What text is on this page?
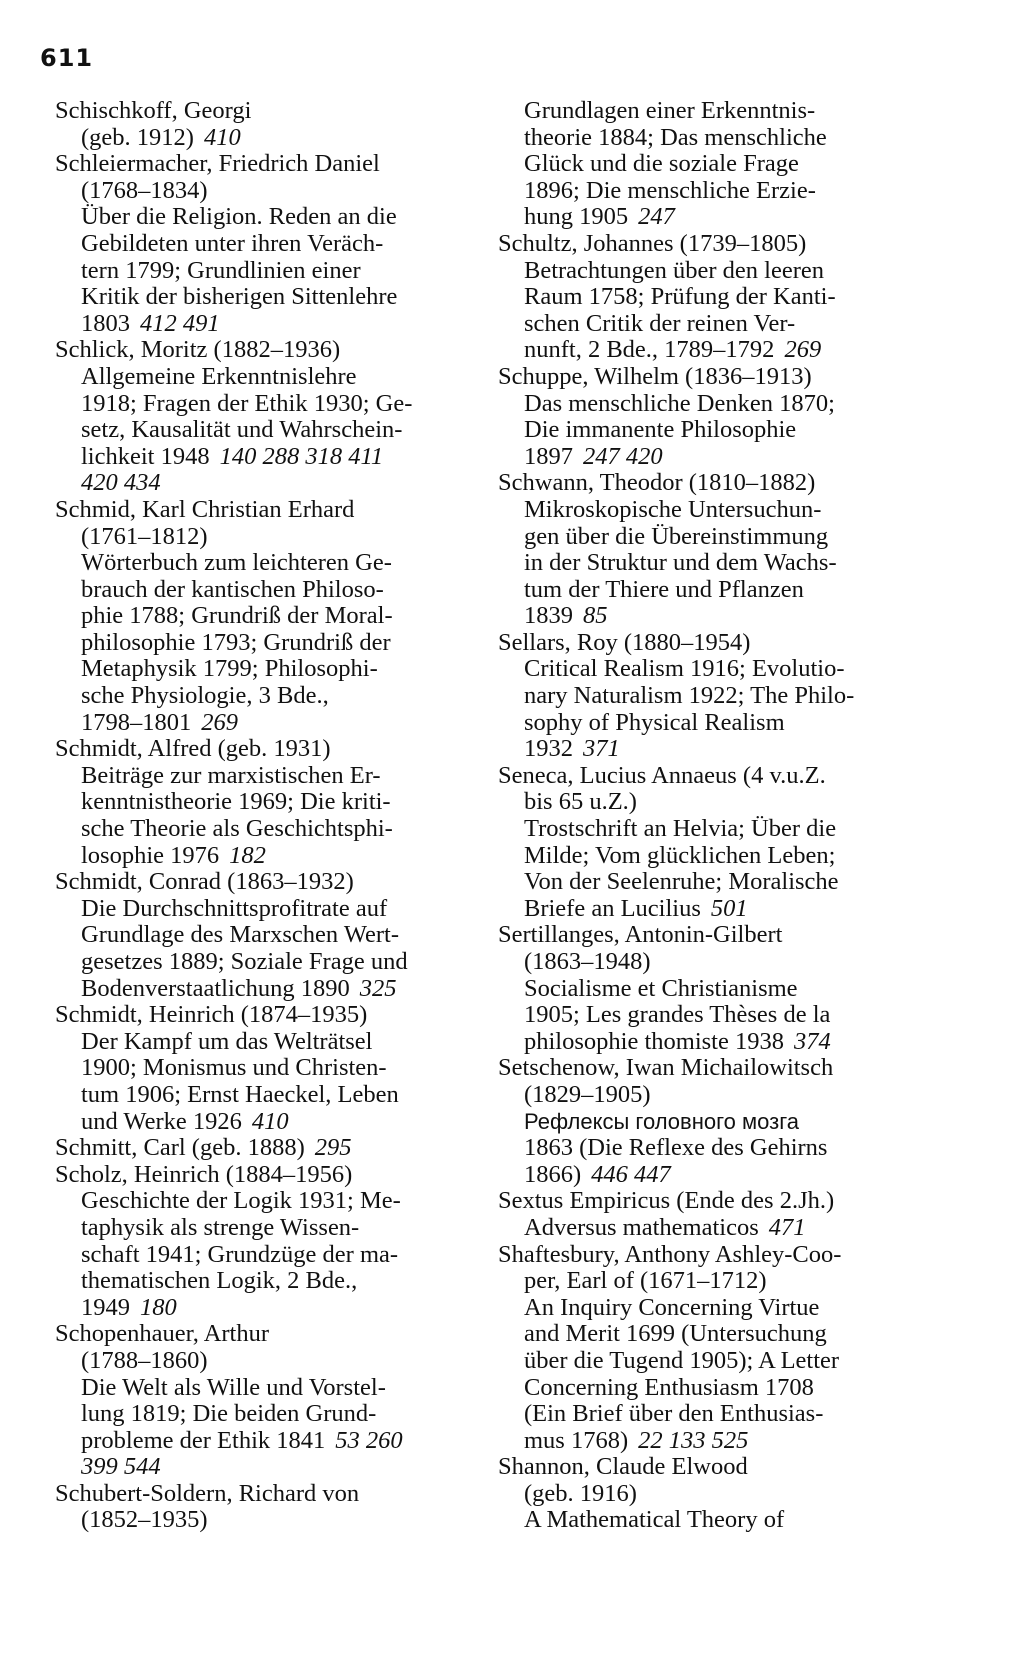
611
Schischkoff, Georgi
(geb. 1912) 410
Schleiermacher, Friedrich Daniel
(1768–1834)
Über die Religion. Reden an die
Gebildeten unter ihren Veräch-
tern 1799; Grundlinien einer
Kritik der bisherigen Sittenlehre
1803 412 491
Schlick, Moritz (1882–1936)
Allgemeine Erkenntnislehre
1918; Fragen der Ethik 1930; Ge-
setz, Kausalität und Wahrschein-
lichkeit 1948 140 288 318 411
420 434
Schmid, Karl Christian Erhard
(1761–1812)
Wörterbuch zum leichteren Ge-
brauch der kantischen Philoso-
phie 1788; Grundriß der Moral-
philosophie 1793; Grundriß der
Metaphysik 1799; Philosophi-
sche Physiologie, 3 Bde.,
1798–1801 269
Schmidt, Alfred (geb. 1931)
Beiträge zur marxistischen Er-
kenntnistheorie 1969; Die kriti-
sche Theorie als Geschichtsphi-
losophie 1976 182
Schmidt, Conrad (1863–1932)
Die Durchschnittsprofitrate auf
Grundlage des Marxschen Wert-
gesetzes 1889; Soziale Frage und
Bodenverstaatlichung 1890 325
Schmidt, Heinrich (1874–1935)
Der Kampf um das Welträtsel
1900; Monismus und Christen-
tum 1906; Ernst Haeckel, Leben
und Werke 1926 410
Schmitt, Carl (geb. 1888) 295
Scholz, Heinrich (1884–1956)
Geschichte der Logik 1931; Me-
taphysik als strenge Wissen-
schaft 1941; Grundzüge der ma-
thematischen Logik, 2 Bde.,
1949 180
Schopenhauer, Arthur
(1788–1860)
Die Welt als Wille und Vorstel-
lung 1819; Die beiden Grund-
probleme der Ethik 1841 53 260
399 544
Schubert-Soldern, Richard von
(1852–1935)
Grundlagen einer Erkenntnis-
theorie 1884; Das menschliche
Glück und die soziale Frage
1896; Die menschliche Erzie-
hung 1905 247
Schultz, Johannes (1739–1805)
Betrachtungen über den leeren
Raum 1758; Prüfung der Kanti-
schen Critik der reinen Ver-
nunft, 2 Bde., 1789–1792 269
Schuppe, Wilhelm (1836–1913)
Das menschliche Denken 1870;
Die immanente Philosophie
1897 247 420
Schwann, Theodor (1810–1882)
Mikroskopische Untersuchun-
gen über die Übereinstimmung
in der Struktur und dem Wachs-
tum der Thiere und Pflanzen
1839 85
Sellars, Roy (1880–1954)
Critical Realism 1916; Evolutio-
nary Naturalism 1922; The Philo-
sophy of Physical Realism
1932 371
Seneca, Lucius Annaeus (4 v.u.Z.
bis 65 u.Z.)
Trostschrift an Helvia; Über die
Milde; Vom glücklichen Leben;
Von der Seelenruhe; Moralische
Briefe an Lucilius 501
Sertillanges, Antonin-Gilbert
(1863–1948)
Socialisme et Christianisme
1905; Les grandes Thèses de la
philosophie thomiste 1938 374
Setschenow, Iwan Michailowitsch
(1829–1905)
Рефлексы головного мозга
1863 (Die Reflexe des Gehirns
1866) 446 447
Sextus Empiricus (Ende des 2.Jh.)
Adversus mathematicos 471
Shaftesbury, Anthony Ashley-Coo-
per, Earl of (1671–1712)
An Inquiry Concerning Virtue
and Merit 1699 (Untersuchung
über die Tugend 1905); A Letter
Concerning Enthusiasm 1708
(Ein Brief über den Enthusias-
mus 1768) 22 133 525
Shannon, Claude Elwood
(geb. 1916)
A Mathematical Theory of
